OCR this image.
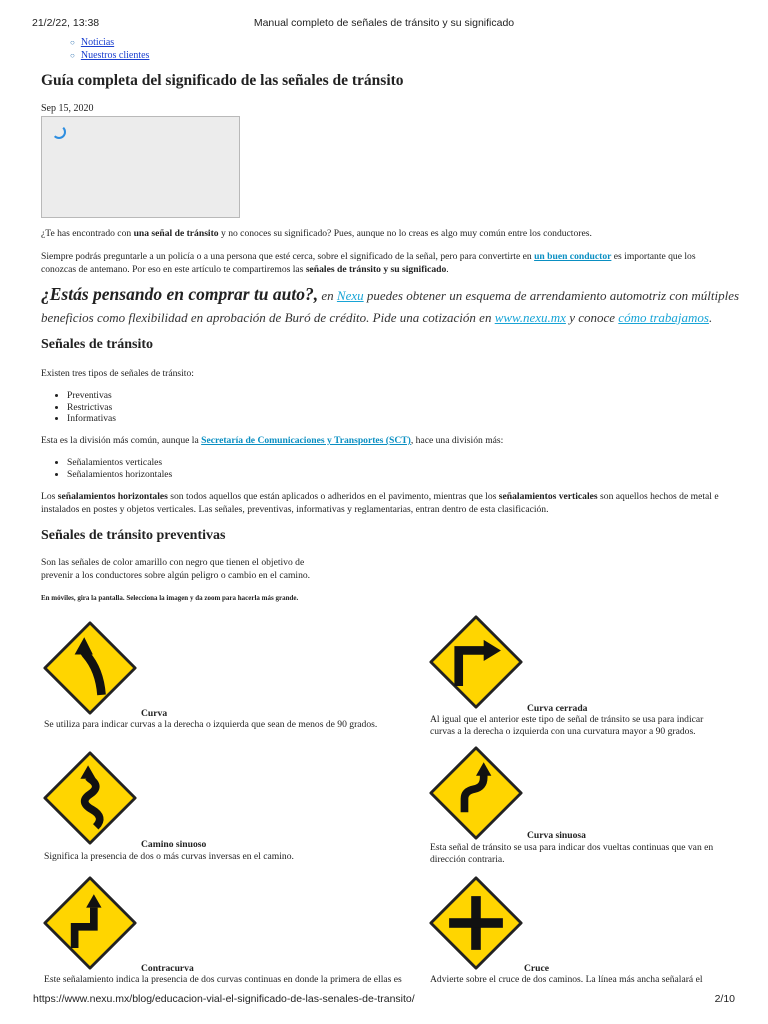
21/2/22, 13:38	Manual completo de señales de tránsito y su significado
○ Noticias
○ Nuestros clientes
Guía completa del significado de las señales de tránsito
Sep 15, 2020

¿Te has encontrado con una señal de tránsito y no conoces su significado? Pues, aunque no lo creas es algo muy común entre los conductores.

Siempre podrás preguntarle a un policía o a una persona que esté cerca, sobre el significado de la señal, pero para convertirte en un buen conductor es importante que los conozcas de antemano. Por eso en este artículo te compartiremos las señales de tránsito y su significado.

¿Estás pensando en comprar tu auto?, en Nexu puedes obtener un esquema de arrendamiento automotriz con múltiples beneficios como flexibilidad en aprobación de Buró de crédito. Pide una cotización en www.nexu.mx y conoce cómo trabajamos.
Señales de tránsito

Existen tres tipos de señales de tránsito:

• Preventivas
• Restrictivas
• Informativas

Esta es la división más común, aunque la Secretaría de Comunicaciones y Transportes (SCT), hace una división más:

• Señalamientos verticales
• Señalamientos horizontales

Los señalamientos horizontales son todos aquellos que están aplicados o adheridos en el pavimento, mientras que los señalamientos verticales son aquellos hechos de metal e instalados en postes y objetos verticales. Las señales, preventivas, informativas y reglamentarias, entran dentro de esta clasificación.

Señales de tránsito preventivas

Son las señales de color amarillo con negro que tienen el objetivo de

prevenir a los conductores sobre algún peligro o cambio en el camino.

En móviles, gira la pantalla. Selecciona la imagen y da zoom para hacerla más grande.

Curva
Se utiliza para indicar curvas a la derecha o izquierda que sean de menos de 90 grados.
Curva cerrada
Al igual que el anterior este tipo de señal de tránsito se usa para indicar curvas a la derecha o izquierda con una curvatura mayor a 90 grados.
Camino sinuoso
Significa la presencia de dos o más curvas inversas en el camino.
Curva sinuosa
Esta señal de tránsito se usa para indicar dos vueltas continuas que van en dirección contraria.
Contracurva
Este señalamiento indica la presencia de dos curvas continuas en donde la primera de ellas es
Cruce
Advierte sobre el cruce de dos caminos. La línea más ancha señalará el
https://www.nexu.mx/blog/educacion-vial-el-significado-de-las-senales-de-transito/	2/10
